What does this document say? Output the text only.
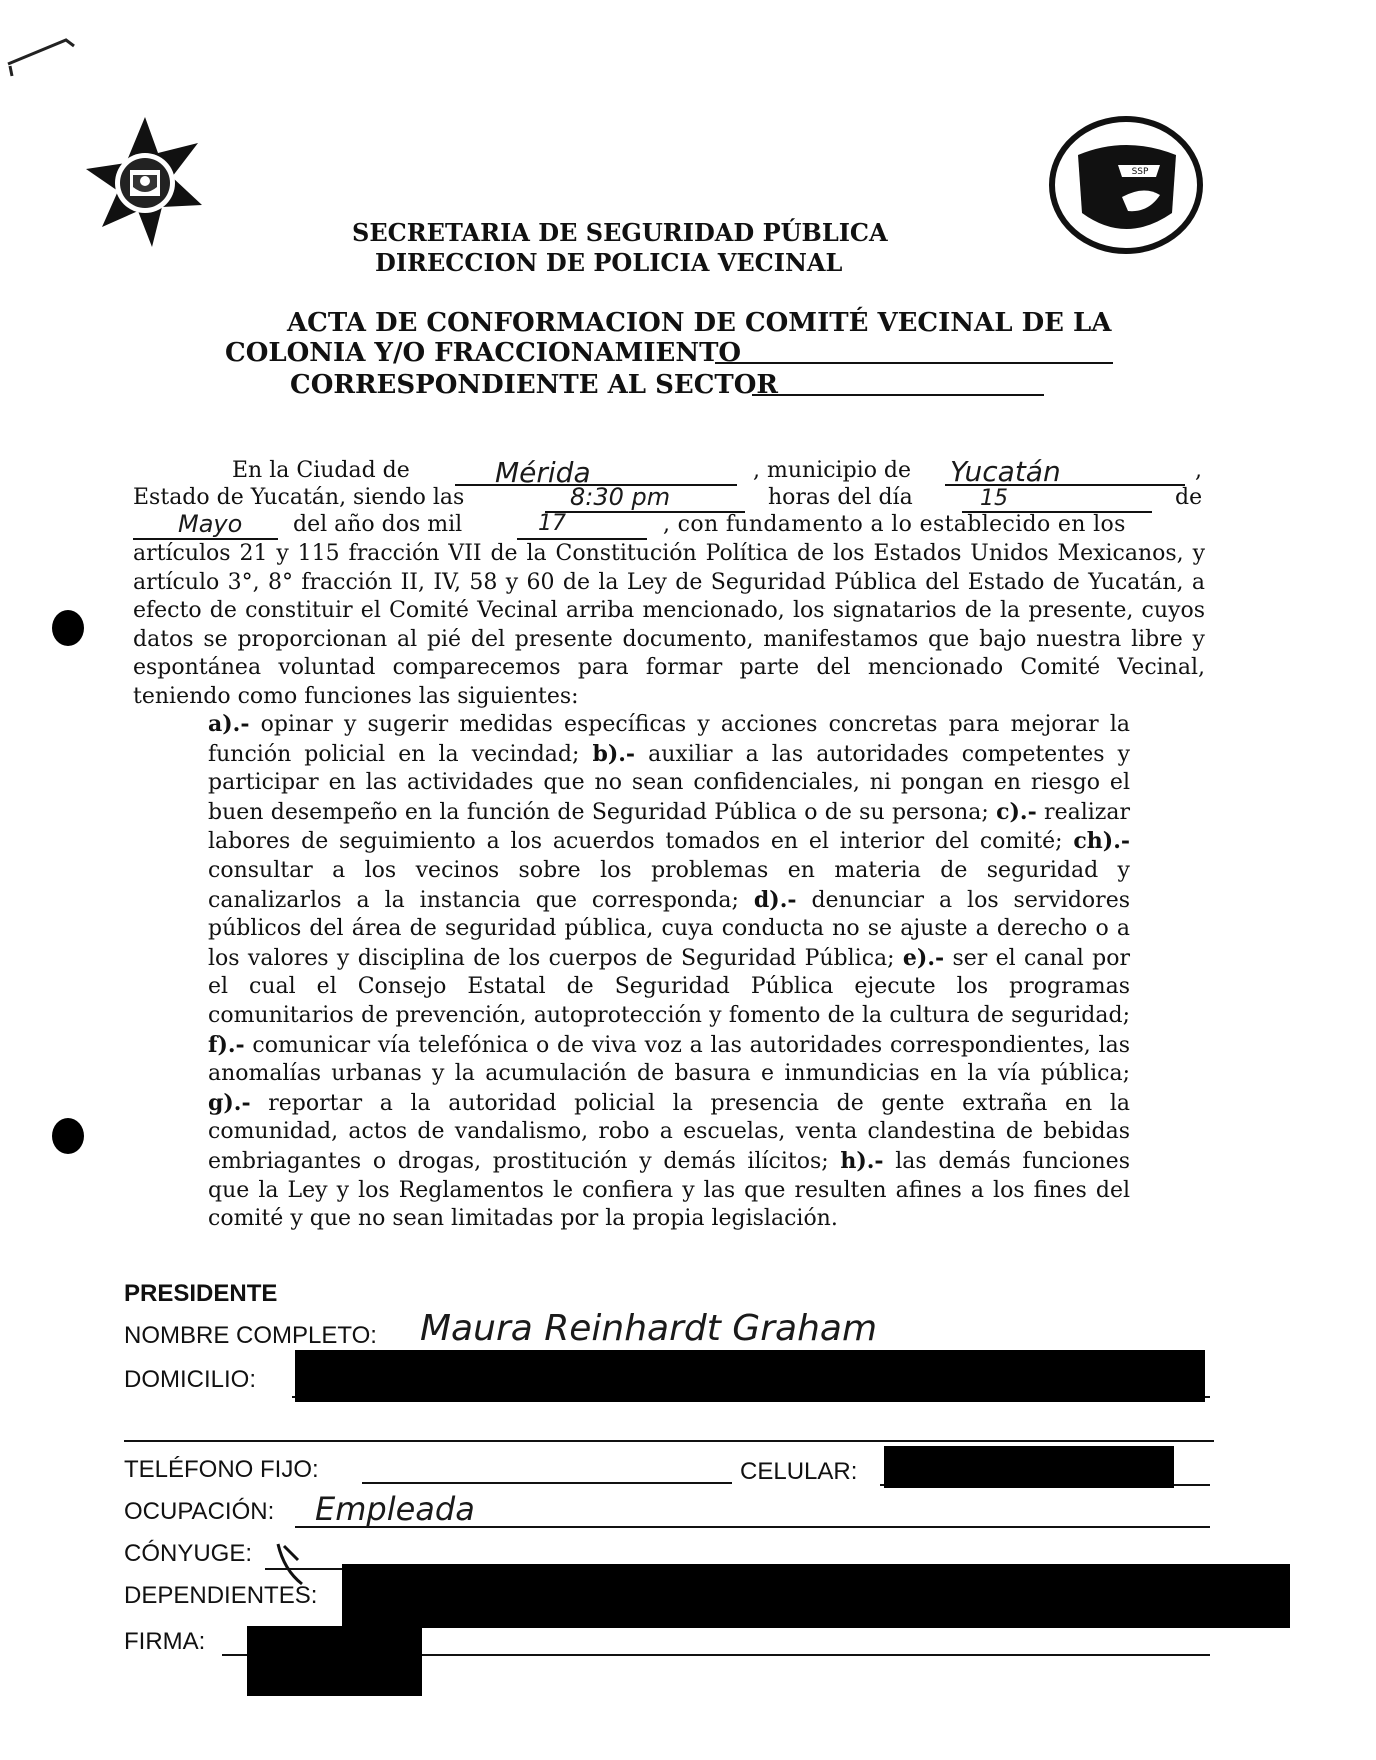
SSP
SECRETARIA DE SEGURIDAD PÚBLICA
DIRECCION DE POLICIA VECINAL
ACTA DE CONFORMACION DE COMITÉ VECINAL DE LA
COLONIA Y/O FRACCIONAMIENTO
CORRESPONDIENTE AL SECTOR
En la Ciudad de	Mérida	, municipio de Yucatán	,
Estado de Yucatán, siendo las	8:30 pm	horas del día	15	de
Mayo del año dos mil	17	, con fundamento a lo establecido en los
artículos 21 y 115 fracción VII de la Constitución Política de los Estados Unidos Mexicanos, y artículo 3°, 8° fracción II, IV, 58 y 60 de la Ley de Seguridad Pública del Estado de Yucatán, a efecto de constituir el Comité Vecinal arriba mencionado, los signatarios de la presente, cuyos datos se proporcionan al pié del presente documento, manifestamos que bajo nuestra libre y espontánea voluntad comparecemos para formar parte del mencionado Comité Vecinal, teniendo como funciones las siguientes:
a).- opinar y sugerir medidas específicas y acciones concretas para mejorar la función policial en la vecindad; b).- auxiliar a las autoridades competentes y participar en las actividades que no sean confidenciales, ni pongan en riesgo el buen desempeño en la función de Seguridad Pública o de su persona; c).- realizar labores de seguimiento a los acuerdos tomados en el interior del comité; ch).- consultar a los vecinos sobre los problemas en materia de seguridad y canalizarlos a la instancia que corresponda; d).- denunciar a los servidores públicos del área de seguridad pública, cuya conducta no se ajuste a derecho o a los valores y disciplina de los cuerpos de Seguridad Pública; e).- ser el canal por el cual el Consejo Estatal de Seguridad Pública ejecute los programas comunitarios de prevención, autoprotección y fomento de la cultura de seguridad; f).- comunicar vía telefónica o de viva voz a las autoridades correspondientes, las anomalías urbanas y la acumulación de basura e inmundicias en la vía pública; g).- reportar a la autoridad policial la presencia de gente extraña en la comunidad, actos de vandalismo, robo a escuelas, venta clandestina de bebidas embriagantes o drogas, prostitución y demás ilícitos; h).- las demás funciones que la Ley y los Reglamentos le confiera y las que resulten afines a los fines del comité y que no sean limitadas por la propia legislación.
PRESIDENTE
NOMBRE COMPLETO: Maura Reinhardt Graham
DOMICILIO:
TELÉFONO FIJO:	CELULAR:
OCUPACIÓN: Empleada
CÓNYUGE:
DEPENDIENTES:
FIRMA:
